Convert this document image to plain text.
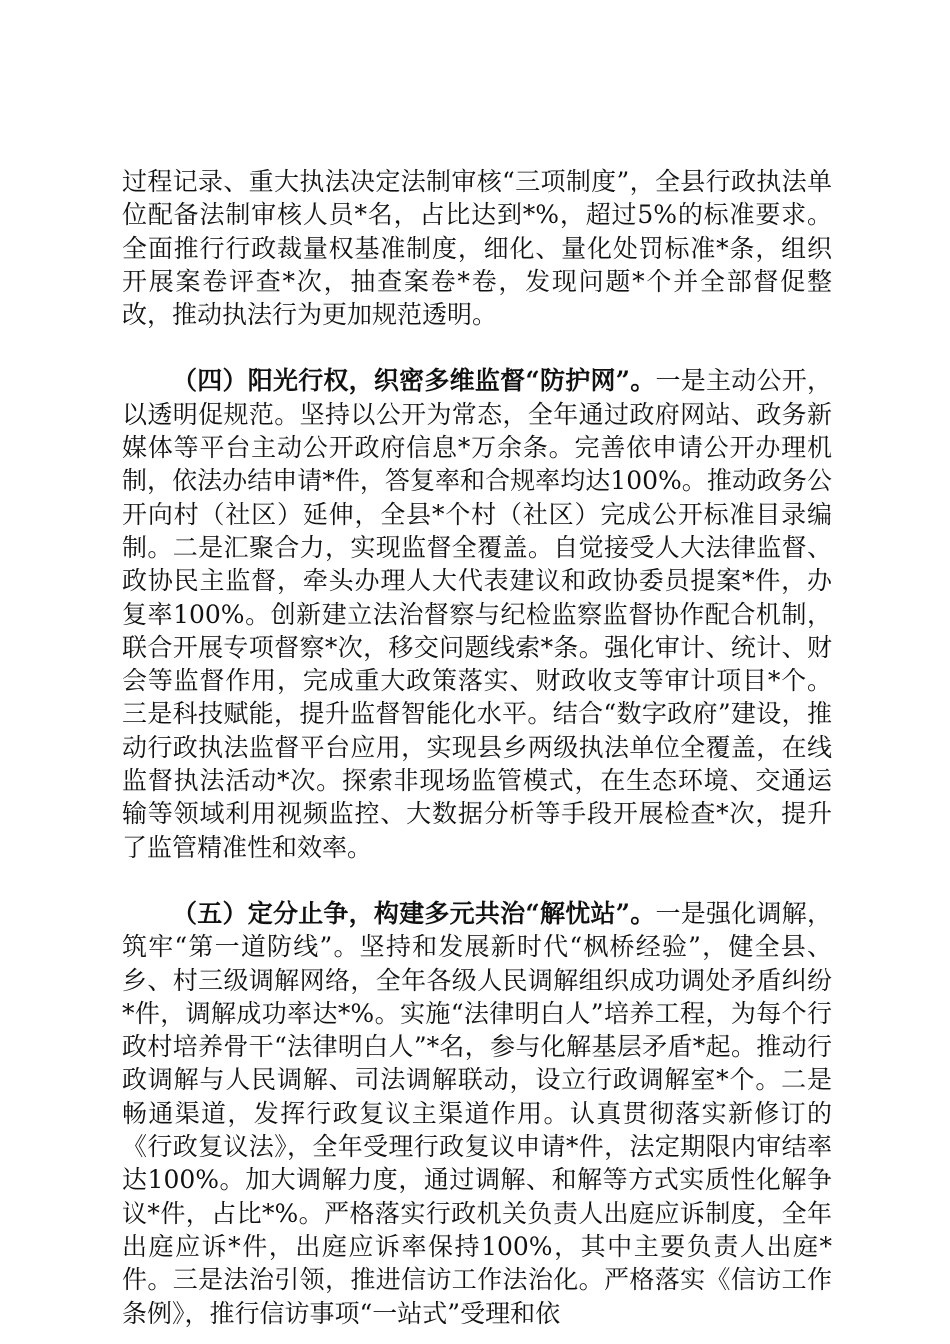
过程记录、重大执法决定法制审核“三项制度”，全县行政执法单位配备法制审核人员*名，占比达到*%，超过5%的标准要求。全面推行行政裁量权基准制度，细化、量化处罚标准*条，组织开展案卷评查*次，抽查案卷*卷，发现问题*个并全部督促整改，推动执法行为更加规范透明。

（四）阳光行权，织密多维监督“防护网”。一是主动公开，以透明促规范。坚持以公开为常态，全年通过政府网站、政务新媒体等平台主动公开政府信息*万余条。完善依申请公开办理机制，依法办结申请*件，答复率和合规率均达100%。推动政务公开向村（社区）延伸，全县*个村（社区）完成公开标准目录编制。二是汇聚合力，实现监督全覆盖。自觉接受人大法律监督、政协民主监督，牵头办理人大代表建议和政协委员提案*件，办复率100%。创新建立法治督察与纪检监察监督协作配合机制，联合开展专项督察*次，移交问题线索*条。强化审计、统计、财会等监督作用，完成重大政策落实、财政收支等审计项目*个。三是科技赋能，提升监督智能化水平。结合“数字政府”建设，推动行政执法监督平台应用，实现县乡两级执法单位全覆盖，在线监督执法活动*次。探索非现场监管模式，在生态环境、交通运输等领域利用视频监控、大数据分析等手段开展检查*次，提升了监管精准性和效率。

（五）定分止争，构建多元共治“解忧站”。一是强化调解，筑牢“第一道防线”。坚持和发展新时代“枫桥经验”，健全县、乡、村三级调解网络，全年各级人民调解组织成功调处矛盾纠纷*件，调解成功率达*%。实施“法律明白人”培养工程，为每个行政村培养骨干“法律明白人”*名，参与化解基层矛盾*起。推动行政调解与人民调解、司法调解联动，设立行政调解室*个。二是畅通渠道，发挥行政复议主渠道作用。认真贯彻落实新修订的《行政复议法》，全年受理行政复议申请*件，法定期限内审结率达100%。加大调解力度，通过调解、和解等方式实质性化解争议*件，占比*%。严格落实行政机关负责人出庭应诉制度，全年出庭应诉*件，出庭应诉率保持100%，其中主要负责人出庭*件。三是法治引领，推进信访工作法治化。严格落实《信访工作条例》，推行信访事项“一站式”受理和依
